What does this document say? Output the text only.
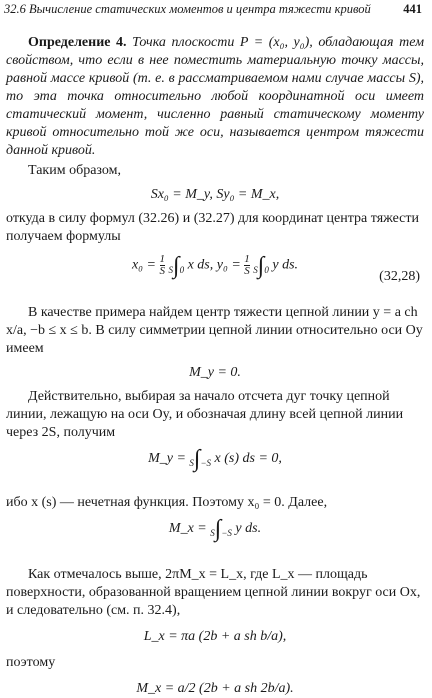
32.6 Вычисление статических моментов и центра тяжести кривой	441

Определение 4. Точка плоскости P = (x₀, y₀), обладающая тем свойством, что если в нее поместить материальную точку массы, равной массе кривой (т. е. в рассматриваемом нами случае массы S), то эта точка относительно любой координатной оси имеет статический момент, численно равный статическому моменту кривой относительно той же оси, называется центром тяжести данной кривой.

Таким образом,

Sx₀ = M_y, Sy₀ = M_x,

откуда в силу формул (32.26) и (32.27) для координат центра тяжести получаем формулы

$x_0 = \frac{1}{S} S\int 0$ x ds, $y_0 = \frac{1}{S} S\int 0$ y ds.
(32,28)

В качестве примера найдем центр тяжести цепной линии y = a ch x/a, −b ≤ x ≤ b. В силу симметрии цепной линии относительно оси Oy имеем

M_y = 0.

Действительно, выбирая за начало отсчета дуг точку цепной линии, лежащую на оси Oy, и обозначая длину всей цепной линии через 2S, получим

M_y = S∫−S x (s) ds = 0,

ибо x (s) — нечетная функция. Поэтому x₀ = 0. Далее,

M_x = S∫−S y ds.

Как отмечалось выше, 2πM_x = L_x, где L_x — площадь поверхности, образованной вращением цепной линии вокруг оси Ox, и следовательно (см. п. 32.4),

L_x = πa (2b + a sh b/a),

поэтому

M_x = a/2 (2b + a sh 2b/a).
